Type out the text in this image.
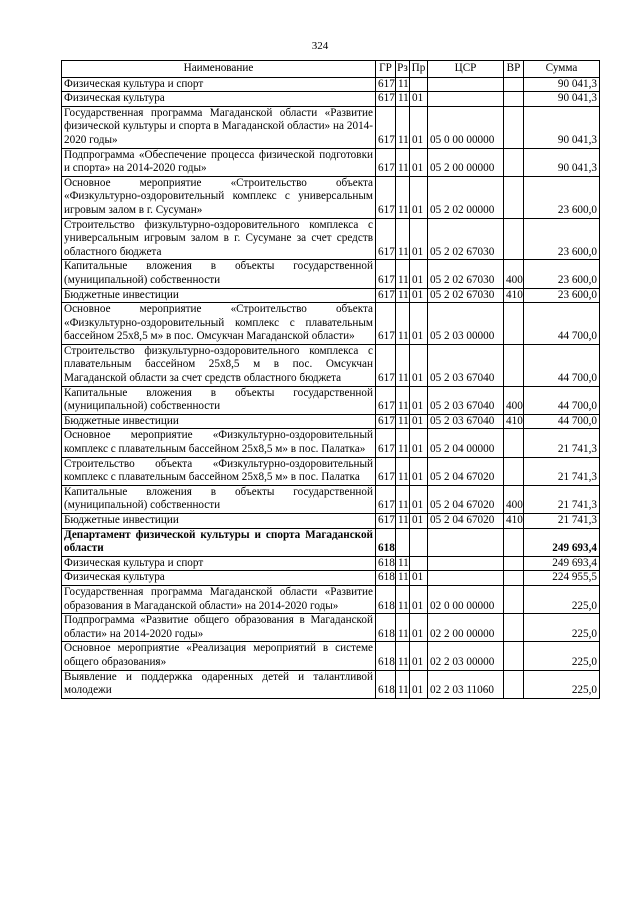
324
Наименование	ГР	Рз	Пр	ЦСР	ВР	Сумма
Физическая культура и спорт	617	11				90 041,3
Физическая культура	617	11	01			90 041,3
Государственная программа Магаданской области «Развитие физической культуры и спорта в Магаданской области» на 2014-2020 годы»	617	11	01	05 0 00 00000		90 041,3
Подпрограмма «Обеспечение процесса физической подготовки и спорта» на 2014-2020 годы»	617	11	01	05 2 00 00000		90 041,3
Основное мероприятие «Строительство объекта «Физкультурно-оздоровительный комплекс с универсальным игровым залом в г. Сусуман»	617	11	01	05 2 02 00000		23 600,0
Строительство физкультурно-оздоровительного комплекса с универсальным игровым залом в г. Сусумане за счет средств областного бюджета	617	11	01	05 2 02 67030		23 600,0
Капитальные вложения в объекты государственной (муниципальной) собственности	617	11	01	05 2 02 67030	400	23 600,0
Бюджетные инвестиции	617	11	01	05 2 02 67030	410	23 600,0
Основное мероприятие «Строительство объекта «Физкультурно-оздоровительный комплекс с плавательным бассейном 25х8,5 м» в пос. Омсукчан Магаданской области»	617	11	01	05 2 03 00000		44 700,0
Строительство физкультурно-оздоровительного комплекса с плавательным бассейном 25х8,5 м в пос. Омсукчан Магаданской области за счет средств областного бюджета	617	11	01	05 2 03 67040		44 700,0
Капитальные вложения в объекты государственной (муниципальной) собственности	617	11	01	05 2 03 67040	400	44 700,0
Бюджетные инвестиции	617	11	01	05 2 03 67040	410	44 700,0
Основное мероприятие «Физкультурно-оздоровительный комплекс с плавательным бассейном 25х8,5 м» в пос. Палатка»	617	11	01	05 2 04 00000		21 741,3
Строительство объекта «Физкультурно-оздоровительный комплекс с плавательным бассейном 25х8,5 м» в пос. Палатка	617	11	01	05 2 04 67020		21 741,3
Капитальные вложения в объекты государственной (муниципальной) собственности	617	11	01	05 2 04 67020	400	21 741,3
Бюджетные инвестиции	617	11	01	05 2 04 67020	410	21 741,3
Департамент физической культуры и спорта Магаданской области	618					249 693,4
Физическая культура и спорт	618	11				249 693,4
Физическая культура	618	11	01			224 955,5
Государственная программа Магаданской области «Развитие образования в Магаданской области» на 2014-2020 годы»	618	11	01	02 0 00 00000		225,0
Подпрограмма «Развитие общего образования в Магаданской области» на 2014-2020 годы»	618	11	01	02 2 00 00000		225,0
Основное мероприятие «Реализация мероприятий в системе общего образования»	618	11	01	02 2 03 00000		225,0
Выявление и поддержка одаренных детей и талантливой молодежи	618	11	01	02 2 03 11060		225,0
